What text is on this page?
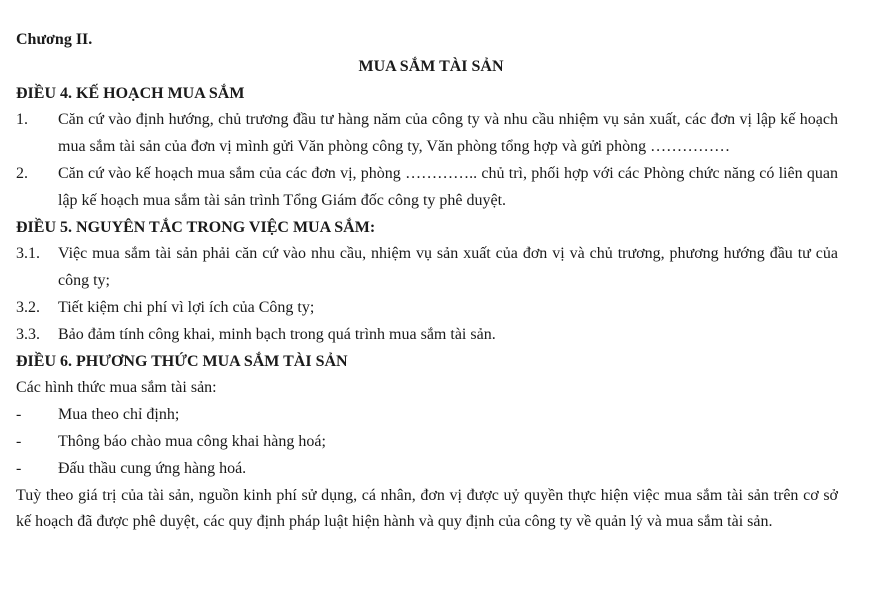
Chương II.
MUA SẮM TÀI SẢN
ĐIỀU 4. KẾ HOẠCH MUA SẮM
1. Căn cứ vào định hướng, chủ trương đầu tư hàng năm của công ty và nhu cầu nhiệm vụ sản xuất, các đơn vị lập kế hoạch mua sắm tài sản của đơn vị mình gửi Văn phòng công ty, Văn phòng tổng hợp và gửi phòng ……………
2. Căn cứ vào kế hoạch mua sắm của các đơn vị, phòng ………….. chủ trì, phối hợp với các Phòng chức năng có liên quan lập kế hoạch mua sắm tài sản trình Tổng Giám đốc công ty phê duyệt.
ĐIỀU 5. NGUYÊN TẮC TRONG VIỆC MUA SẮM:
3.1. Việc mua sắm tài sản phải căn cứ vào nhu cầu, nhiệm vụ sản xuất của đơn vị và chủ trương, phương hướng đầu tư của công ty;
3.2. Tiết kiệm chi phí vì lợi ích của Công ty;
3.3. Bảo đảm tính công khai, minh bạch trong quá trình mua sắm tài sản.
ĐIỀU 6. PHƯƠNG THỨC MUA SẮM TÀI SẢN
Các hình thức mua sắm tài sản:
- Mua theo chỉ định;
- Thông báo chào mua công khai hàng hoá;
- Đấu thầu cung ứng hàng hoá.
Tuỳ theo giá trị của tài sản, nguồn kinh phí sử dụng, cá nhân, đơn vị được uỷ quyền thực hiện việc mua sắm tài sản trên cơ sở kế hoạch đã được phê duyệt, các quy định pháp luật hiện hành và quy định của công ty về quản lý và mua sắm tài sản.
